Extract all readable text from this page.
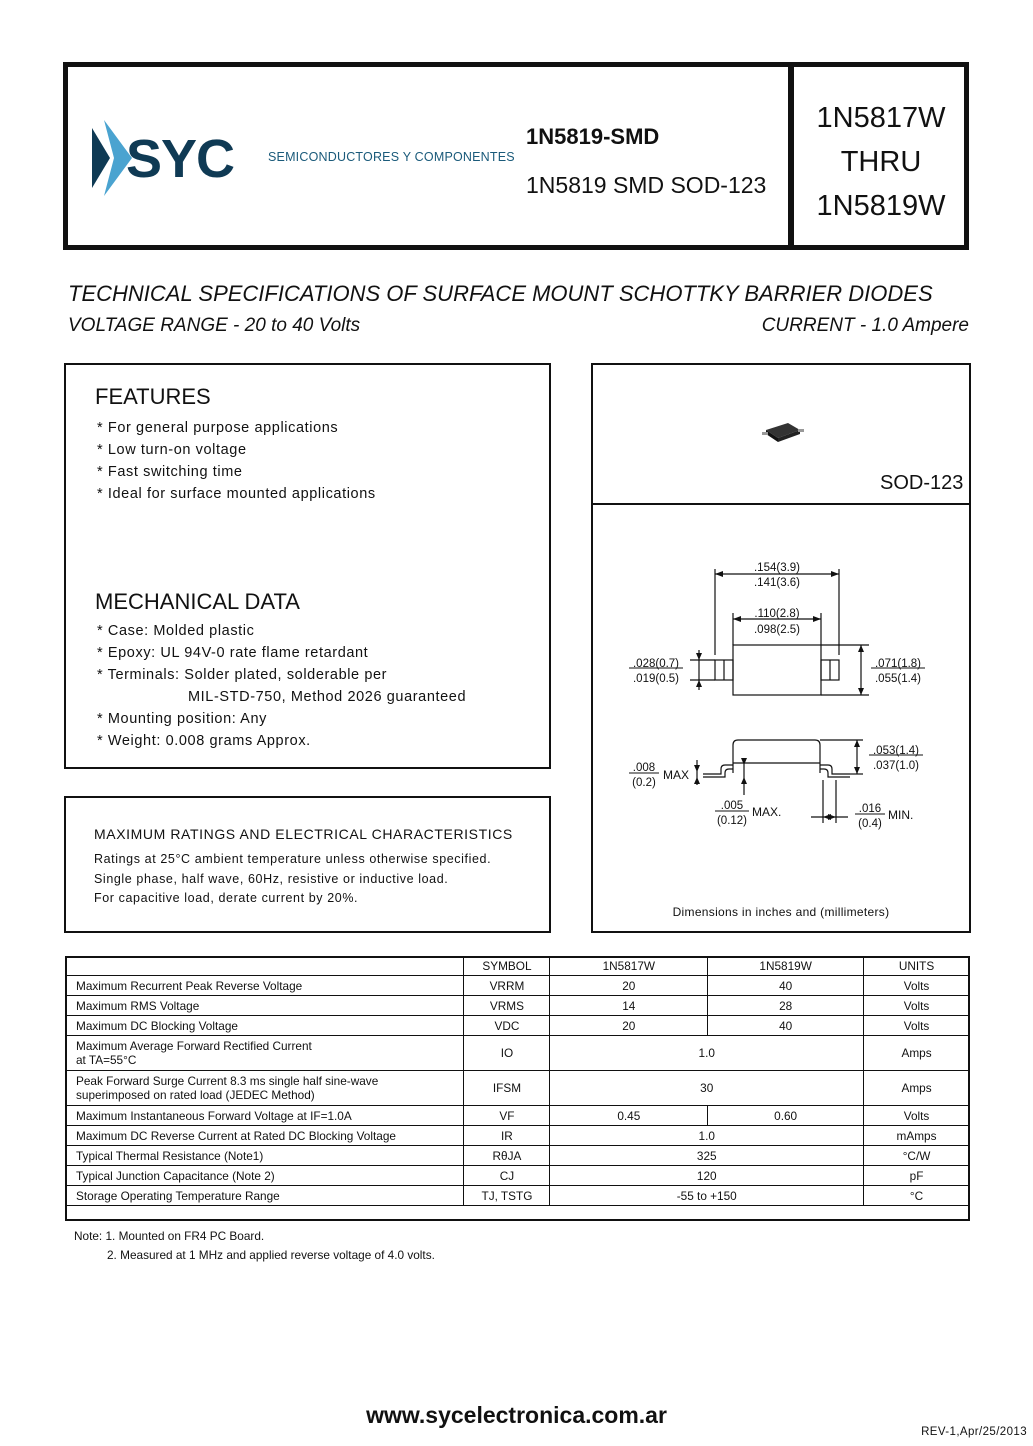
SYC	SEMICONDUCTORES Y COMPONENTES
1N5819-SMD
1N5819 SMD SOD-123
1N5817W
THRU
1N5819W
TECHNICAL SPECIFICATIONS OF SURFACE MOUNT SCHOTTKY BARRIER DIODES
VOLTAGE RANGE - 20 to 40 Volts	CURRENT - 1.0 Ampere
FEATURES
* For general purpose applications
* Low turn-on voltage
* Fast switching time
* Ideal for surface mounted applications
MECHANICAL DATA
* Case: Molded plastic
* Epoxy: UL 94V-0 rate flame retardant
* Terminals: Solder plated, solderable per
MIL-STD-750, Method 2026 guaranteed
* Mounting position: Any
* Weight: 0.008 grams Approx.
MAXIMUM RATINGS AND ELECTRICAL CHARACTERISTICS
Ratings at 25°C ambient temperature unless otherwise specified.
Single phase, half wave, 60Hz, resistive or inductive load.
For capacitive load, derate current by 20%.
SOD-123
.154(3.9)
.141(3.6)
.110(2.8)
.098(2.5)
.028(0.7)
.019(0.5)
.071(1.8)
.055(1.4)
.053(1.4)
.037(1.0)
.008
(0.2)
.005
(0.12)
.016
(0.4)
MAX
MAX.	MIN.
Dimensions in inches and (millimeters)
	SYMBOL	1N5817W	1N5819W	UNITS
Maximum Recurrent Peak Reverse Voltage	VRRM	20	40	Volts
Maximum RMS Voltage	VRMS	14	28	Volts
Maximum DC Blocking Voltage	VDC	20	40	Volts

Maximum Average Forward Rectified Current
at TA=55°C	IO	1.0		Amps

Peak Forward Surge Current 8.3 ms single half sine-wave
superimposed on rated load (JEDEC Method)	IFSM	30		Amps
Maximum Instantaneous Forward Voltage at IF=1.0A	VF	0.45	0.60	Volts
Maximum DC Reverse Current at Rated DC Blocking Voltage	IR	1.0		mAmps
Typical Thermal Resistance (Note1)	RθJA	325		°C/W
Typical Junction Capacitance (Note 2)	CJ	120		pF
Storage Operating Temperature Range	TJ, TSTG	-55 to +150		°C
Note: 1. Mounted on FR4 PC Board.
2. Measured at 1 MHz and applied reverse voltage of 4.0 volts.
www.sycelectronica.com.ar
REV-1,Apr/25/2013
